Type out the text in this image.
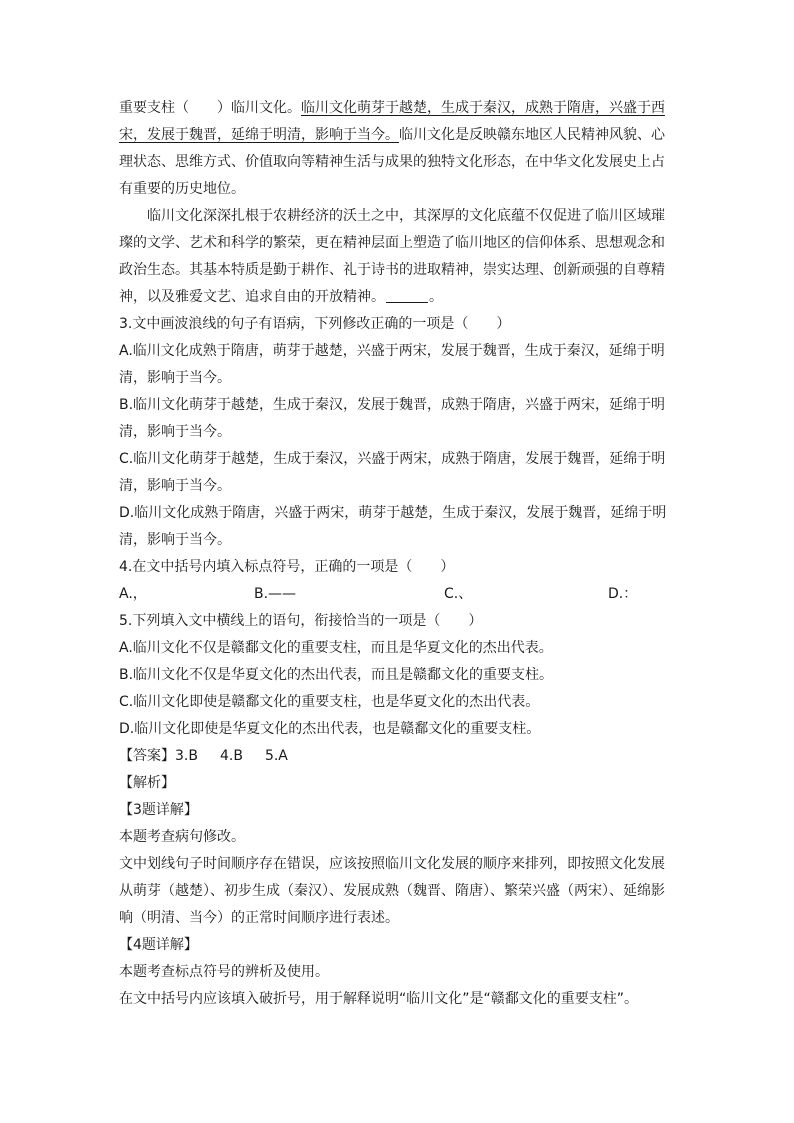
重要支柱（　　）临川文化。临川文化萌芽于越楚，生成于秦汉，成熟于隋唐，兴盛于西
宋，发展于魏晋，延绵于明清，影响于当今。临川文化是反映赣东地区人民精神风貌、心
理状态、思维方式、价值取向等精神生活与成果的独特文化形态，在中华文化发展史上占
有重要的历史地位。
临川文化深深扎根于农耕经济的沃土之中，其深厚的文化底蕴不仅促进了临川区域璀
璨的文学、艺术和科学的繁荣，更在精神层面上塑造了临川地区的信仰体系、思想观念和
政治生态。其基本特质是勤于耕作、礼于诗书的进取精神，崇实达理、创新顽强的自尊精
神，以及雅爱文艺、追求自由的开放精神。	。
3.文中画波浪线的句子有语病，下列修改正确的一项是（　　）
A.临川文化成熟于隋唐，萌芽于越楚，兴盛于两宋，发展于魏晋，生成于秦汉，延绵于明
清，影响于当今。
B.临川文化萌芽于越楚，生成于秦汉，发展于魏晋，成熟于隋唐，兴盛于两宋，延绵于明
清，影响于当今。
C.临川文化萌芽于越楚，生成于秦汉，兴盛于两宋，成熟于隋唐，发展于魏晋，延绵于明
清，影响于当今。
D.临川文化成熟于隋唐，兴盛于两宋，萌芽于越楚，生成于秦汉，发展于魏晋，延绵于明
清，影响于当今。
4.在文中括号内填入标点符号，正确的一项是（　　）
A.，	B.——	C.、	D.：
5.下列填入文中横线上的语句，衔接恰当的一项是（　　）
A.临川文化不仅是赣鄱文化的重要支柱，而且是华夏文化的杰出代表。
B.临川文化不仅是华夏文化的杰出代表，而且是赣鄱文化的重要支柱。
C.临川文化即使是赣鄱文化的重要支柱，也是华夏文化的杰出代表。
D.临川文化即使是华夏文化的杰出代表，也是赣鄱文化的重要支柱。
【答案】3.B 4.B 5.A
【解析】
【3题详解】
本题考查病句修改。
文中划线句子时间顺序存在错误，应该按照临川文化发展的顺序来排列，即按照文化发展
从萌芽（越楚）、初步生成（秦汉）、发展成熟（魏晋、隋唐）、繁荣兴盛（两宋）、延绵影
响（明清、当今）的正常时间顺序进行表述。
【4题详解】
本题考查标点符号的辨析及使用。
在文中括号内应该填入破折号，用于解释说明“临川文化”是“赣鄱文化的重要支柱”。
